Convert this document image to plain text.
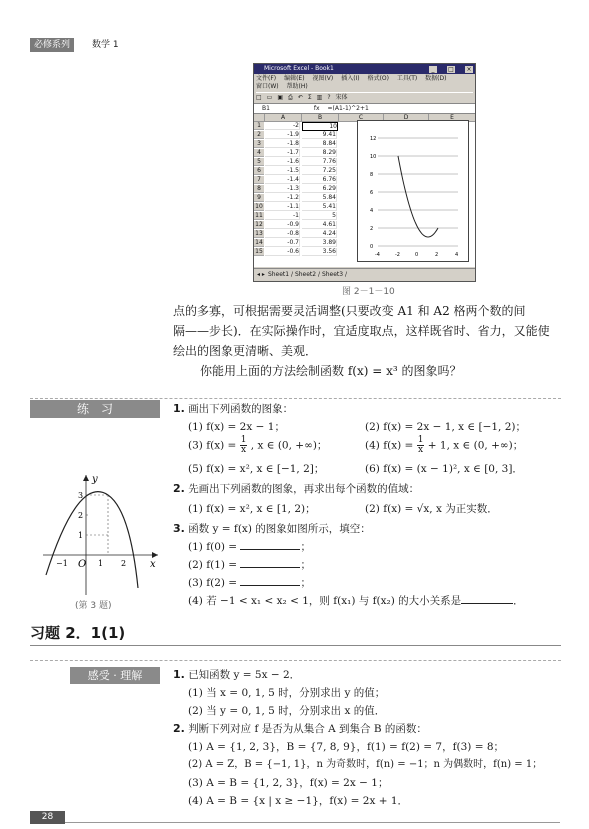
必修系列	数学 1
Microsoft Excel - Book1	_ □ ×
文件(F) 编辑(E) 视图(V) 插入(I) 格式(O) 工具(T) 数据(D)
窗口(W) 帮助(H)
□ ▭ ▣ ⎙ ↶ Σ ▥ ? 宋体
B1	fx =(A1-1)^2+1
A	B	C	D	E
1	-2	10
2	-1.9	9.41
3	-1.8	8.84
4	-1.7	8.29
5	-1.6	7.76
6	-1.5	7.25
7	-1.4	6.76
8	-1.3	6.29
9	-1.2	5.84
10	-1.1	5.41
11	-1	5
12	-0.9	4.61
13	-0.8	4.24
14	-0.7	3.89
15	-0.6	3.56
12
10
8
6
4
2
0
-4	-2	0	2	4
◂ ▸ Sheet1 / Sheet2 / Sheet3 /
图 2－1－10
点的多寡，可根据需要灵活调整(只要改变 A1 和 A2 格两个数的间
隔——步长)．在实际操作时，宜适度取点，这样既省时、省力，又能使
绘出的图象更清晰、美观．
你能用上面的方法绘制函数 f(x) = x³ 的图象吗？
练　习	1. 画出下列函数的图象：
(1) f(x) = 2x − 1；	(2) f(x) = 2x − 1, x ∈ [−1, 2)；
(3) $f(x) = \frac{1}{x}$ , x ∈ (0, +∞)；	(4) $f(x) = \frac{1}{x} + 1$, x ∈ (0, +∞)；
(5) f(x) = x², x ∈ [−1, 2]；	(6) f(x) = (x − 1)², x ∈ [0, 3]．
2. 先画出下列函数的图象，再求出每个函数的值域：
(1) f(x) = x², x ∈ [1, 2)；	(2) f(x) = √x, x 为正实数．
3. 函数 y = f(x) 的图象如图所示，填空：
(1) f(0) =	；
(2) f(1) =	；
(3) f(2) =	；
(4) 若 −1 < x₁ < x₂ < 1，则 f(x₁) 与 f(x₂) 的大小关系是	．
y
x
O 1 2
−1
1
2
3
(第 3 题)
习题 2．1(1)
感受 · 理解	1. 已知函数 y = 5x − 2．
(1) 当 x = 0, 1, 5 时，分别求出 y 的值；
(2) 当 y = 0, 1, 5 时，分别求出 x 的值．
2. 判断下列对应 f 是否为从集合 A 到集合 B 的函数：
(1) A = {1, 2, 3}，B = {7, 8, 9}，f(1) = f(2) = 7，f(3) = 8；
(2) A = Z，B = {−1, 1}，n 为奇数时，f(n) = −1；n 为偶数时，f(n) = 1；
(3) A = B = {1, 2, 3}，f(x) = 2x − 1；
(4) A = B = {x | x ≥ −1}，f(x) = 2x + 1．
28
